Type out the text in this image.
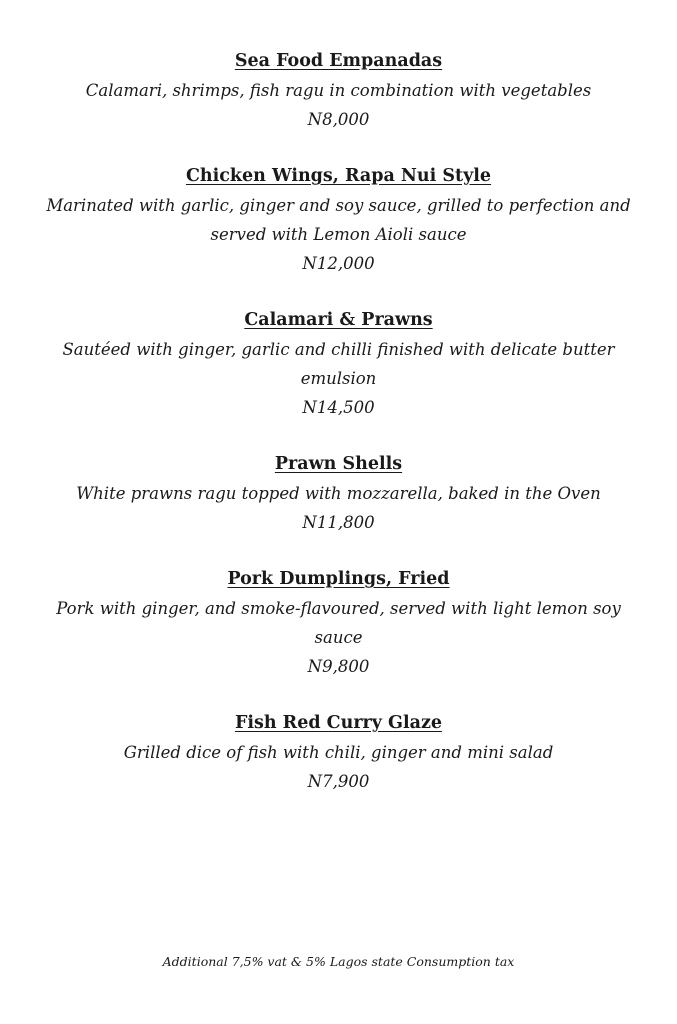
Sea Food Empanadas

Calamari, shrimps, fish ragu in combination with vegetables

N8,000

Chicken Wings, Rapa Nui Style

Marinated with garlic, ginger and soy sauce, grilled to perfection and served with Lemon Aioli sauce

N12,000

Calamari & Prawns

Sautéed with ginger, garlic and chilli finished with delicate butter emulsion

N14,500

Prawn Shells

White prawns ragu topped with mozzarella, baked in the Oven

N11,800

Pork Dumplings, Fried

Pork with ginger, and smoke-flavoured, served with light lemon soy sauce

N9,800

Fish Red Curry Glaze

Grilled dice of fish with chili, ginger and mini salad

N7,900

Additional 7,5% vat & 5% Lagos state Consumption tax
